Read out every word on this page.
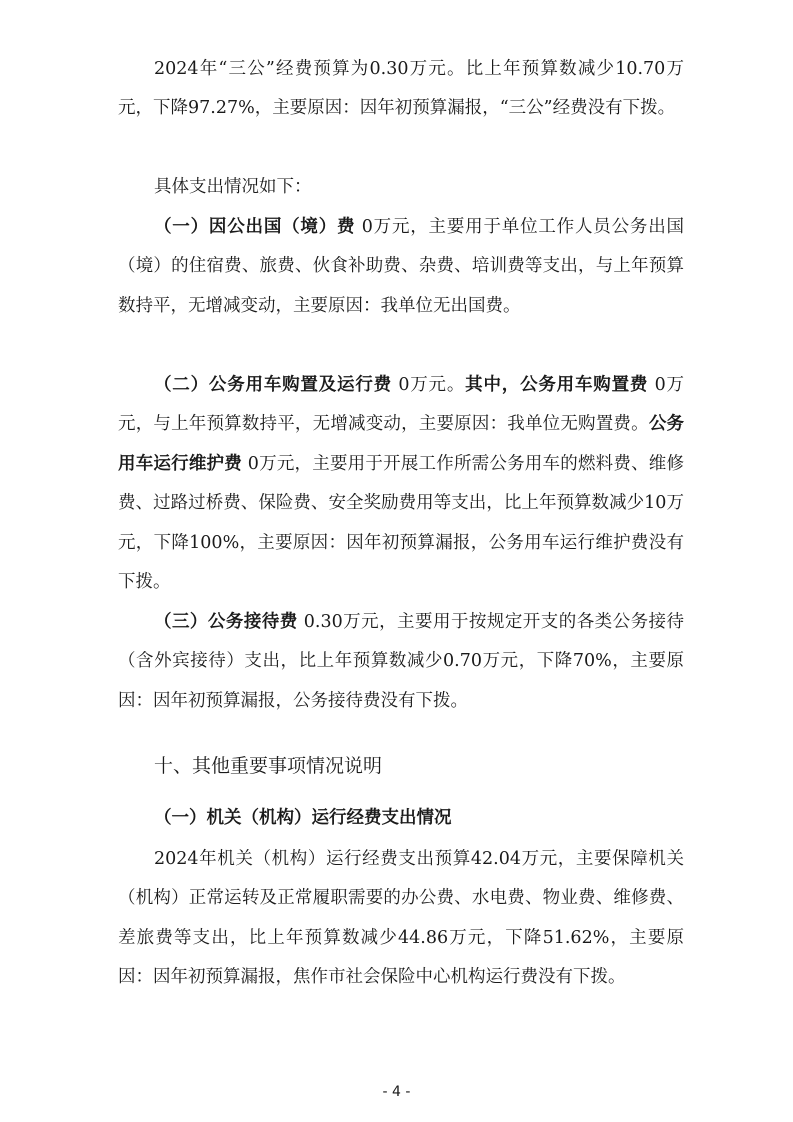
2024年“三公”经费预算为0.30万元。比上年预算数减少10.70万元，下降97.27%，主要原因：因年初预算漏报，“三公”经费没有下拨。

具体支出情况如下：

（一）因公出国（境）费 0万元，主要用于单位工作人员公务出国（境）的住宿费、旅费、伙食补助费、杂费、培训费等支出，与上年预算数持平，无增减变动，主要原因：我单位无出国费。

（二）公务用车购置及运行费 0万元。其中，公务用车购置费 0万元，与上年预算数持平，无增减变动，主要原因：我单位无购置费。公务用车运行维护费 0万元，主要用于开展工作所需公务用车的燃料费、维修费、过路过桥费、保险费、安全奖励费用等支出，比上年预算数减少10万元，下降100%，主要原因：因年初预算漏报，公务用车运行维护费没有下拨。

（三）公务接待费 0.30万元，主要用于按规定开支的各类公务接待（含外宾接待）支出，比上年预算数减少0.70万元，下降70%，主要原因：因年初预算漏报，公务接待费没有下拨。

十、其他重要事项情况说明
（一）机关（机构）运行经费支出情况

2024年机关（机构）运行经费支出预算42.04万元，主要保障机关（机构）正常运转及正常履职需要的办公费、水电费、物业费、维修费、差旅费等支出，比上年预算数减少44.86万元，下降51.62%，主要原因：因年初预算漏报，焦作市社会保险中心机构运行费没有下拨。

- 4 -
